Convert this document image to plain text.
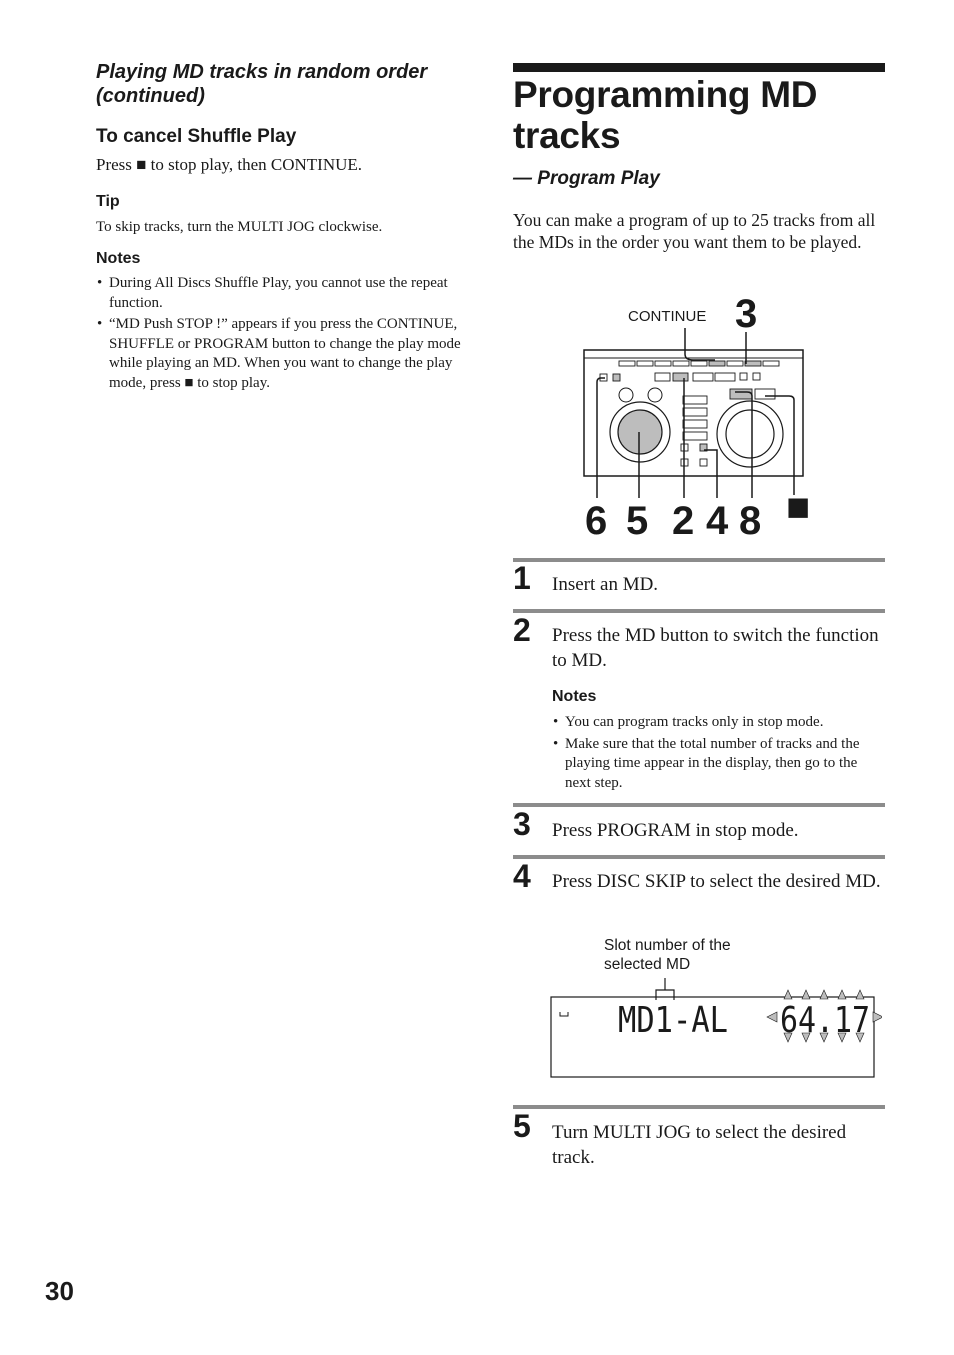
Playing MD tracks in random order (continued)
To cancel Shuffle Play
Press ■ to stop play, then CONTINUE.
Tip
To skip tracks, turn the MULTI JOG clockwise.
Notes
• During All Discs Shuffle Play, you cannot use the repeat function.
• “MD Push STOP !” appears if you press the CONTINUE, SHUFFLE or PROGRAM button to change the play mode while playing an MD. When you want to change the play mode, press ■ to stop play.
Programming MD tracks
— Program Play
You can make a program of up to 25 tracks from all the MDs in the order you want them to be played.
CONTINUE 3
6 5 2 4 8 ■
1 Insert an MD.
2 Press the MD button to switch the function to MD.
Notes
• You can program tracks only in stop mode.
• Make sure that the total number of tracks and the playing time appear in the display, then go to the next step.
3 Press PROGRAM in stop mode.
4 Press DISC SKIP to select the desired MD.
Slot number of the selected MD
MD1-AL 64.17
5 Turn MULTI JOG to select the desired track.
30
